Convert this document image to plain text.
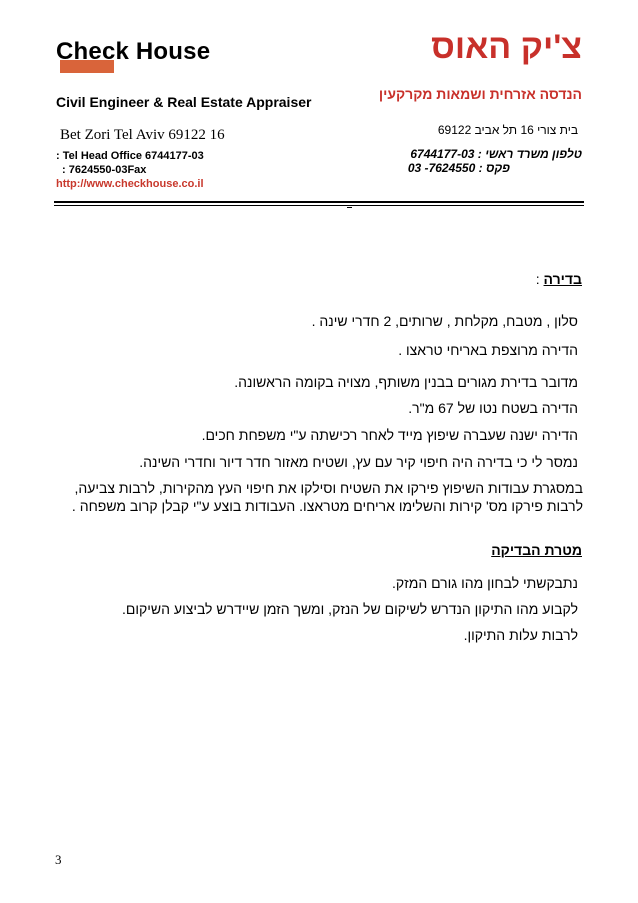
Check House
Civil Engineer & Real Estate Appraiser
Bet Zori Tel Aviv 69122 16
: Tel Head Office 6744177-03
: 7624550-03Fax
http://www.checkhouse.co.il
צ'יק האוס
הנדסה אזרחית ושמאות מקרקעין
בית צורי 16 תל אביב 69122
טלפון משרד ראשי : 6744177-03
פקס : 7624550- 03
בדירה :
סלון , מטבח, מקלחת , שרותים, 2 חדרי שינה .
הדירה מרוצפת באריחי טראצו .
מדובר בדירת מגורים בבנין משותף, מצויה בקומה הראשונה.
הדירה בשטח נטו של 67 מ"ר.
הדירה ישנה שעברה שיפוץ מייד לאחר רכישתה ע"י משפחת חכים.
נמסר לי כי בדירה היה חיפוי קיר עם עץ, ושטיח מאזור חדר דיור וחדרי השינה.
במסגרת עבודות השיפוץ פירקו את השטיח וסילקו את חיפוי העץ מהקירות, לרבות צביעה,
לרבות פירקו מס' קירות והשלימו אריחים מטראצו. העבודות בוצע ע"י קבלן קרוב משפחה .
מטרת הבדיקה
נתבקשתי לבחון מהו גורם המזק.
לקבוע מהו התיקון הנדרש לשיקום של הנזק, ומשך הזמן שיידרש לביצוע השיקום.
לרבות עלות התיקון.
3
